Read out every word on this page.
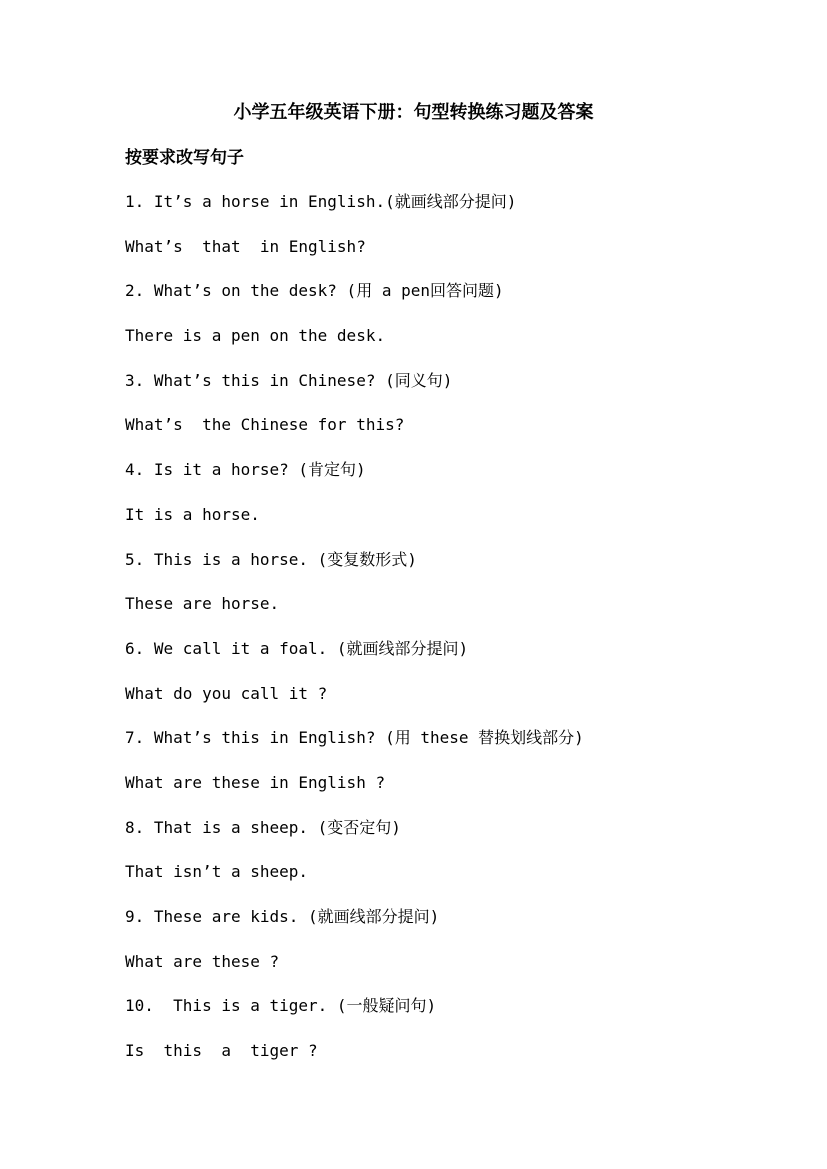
小学五年级英语下册：句型转换练习题及答案
按要求改写句子
1. It’s a horse in English.(就画线部分提问)
What’s  that  in English?
2. What’s on the desk? (用 a pen回答问题)
There is a pen on the desk.
3. What’s this in Chinese? (同义句)
What’s  the Chinese for this?
4. Is it a horse? (肯定句)
It is a horse.
5. This is a horse. (变复数形式)
These are horse.
6. We call it a foal. (就画线部分提问)
What do you call it ?
7. What’s this in English? (用 these 替换划线部分)
What are these in English ?
8. That is a sheep. (变否定句)
That isn’t a sheep.
9. These are kids. (就画线部分提问)
What are these ?
10.  This is a tiger. (一般疑问句)
Is  this  a  tiger ?
